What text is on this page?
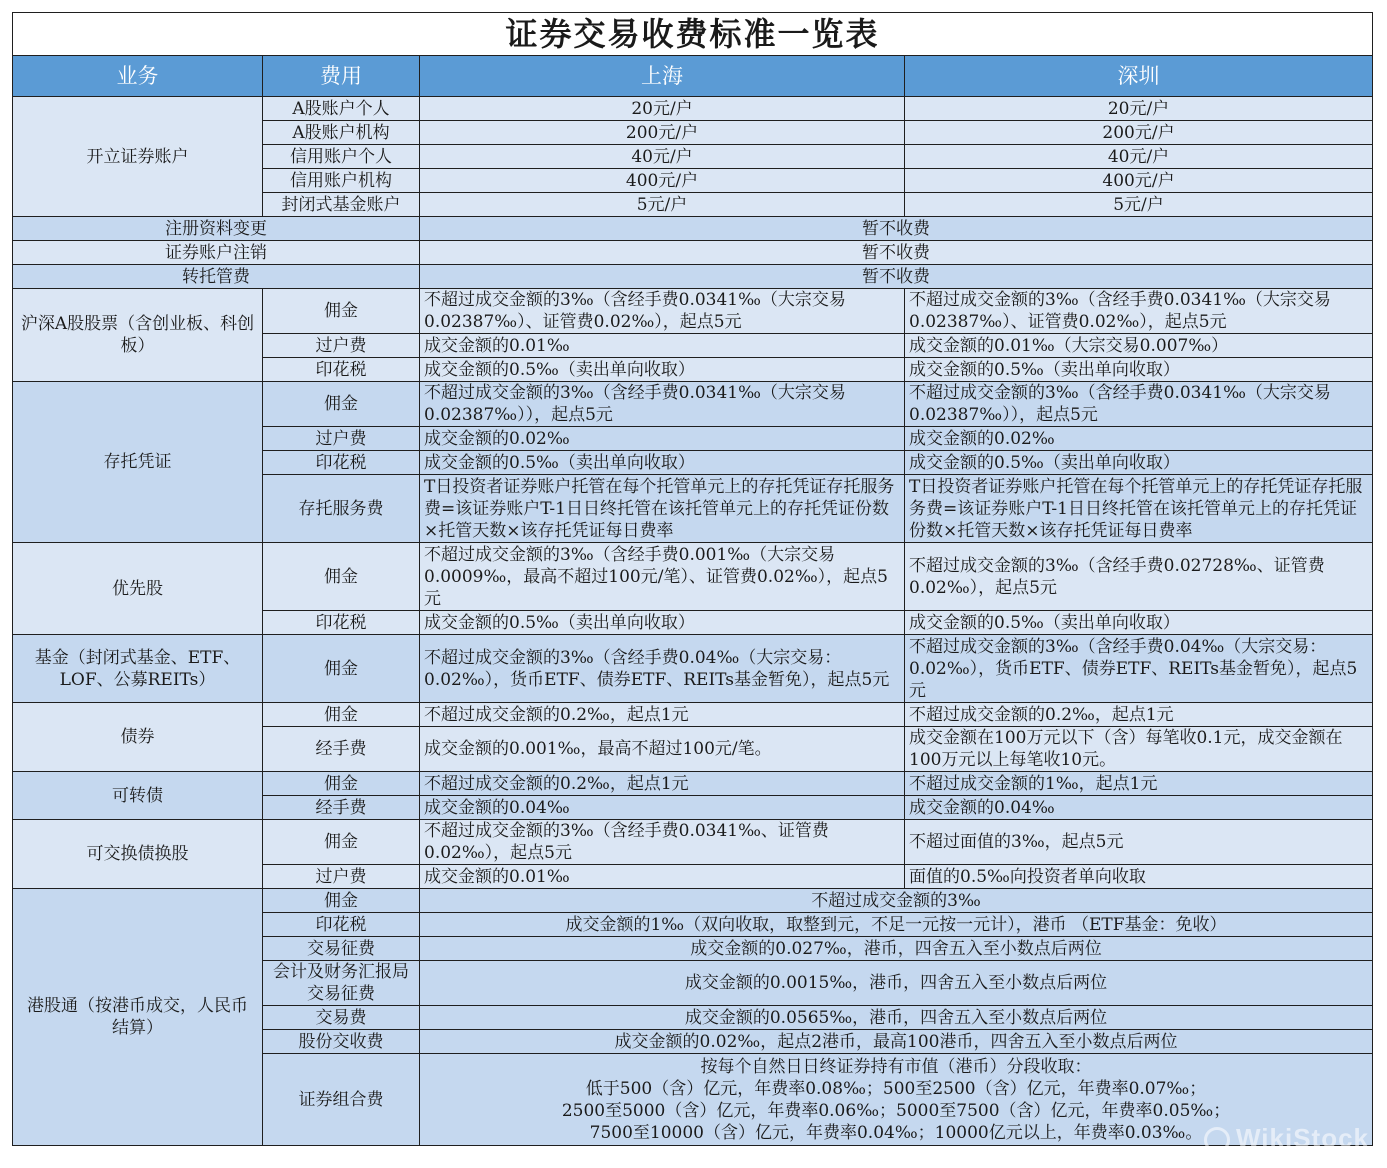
证券交易收费标准一览表			
业务	费用	上海	深圳
开立证券账户	A股账户个人	20元/户	20元/户
	A股账户机构	200元/户	200元/户
	信用账户个人	40元/户	40元/户
	信用账户机构	400元/户	400元/户
	封闭式基金账户	5元/户	5元/户
注册资料变更		暂不收费	
证券账户注销		暂不收费	
转托管费		暂不收费	
沪深A股股票（含创业板、科创板）	佣金	不超过成交金额的3‰（含经手费0.0341‰（大宗交易0.02387‰）、证管费0.02‰），起点5元	不超过成交金额的3‰（含经手费0.0341‰（大宗交易0.02387‰）、证管费0.02‰），起点5元
	过户费	成交金额的0.01‰	成交金额的0.01‰（大宗交易0.007‰）
	印花税	成交金额的0.5‰（卖出单向收取）	成交金额的0.5‰（卖出单向收取）
存托凭证	佣金	不超过成交金额的3‰（含经手费0.0341‰（大宗交易0.02387‰）），起点5元	不超过成交金额的3‰（含经手费0.0341‰（大宗交易0.02387‰）），起点5元
	过户费	成交金额的0.02‰	成交金额的0.02‰
	印花税	成交金额的0.5‰（卖出单向收取）	成交金额的0.5‰（卖出单向收取）
	存托服务费	T日投资者证券账户托管在每个托管单元上的存托凭证存托服务费=该证券账户T-1日日终托管在该托管单元上的存托凭证份数×托管天数×该存托凭证每日费率	T日投资者证券账户托管在每个托管单元上的存托凭证存托服务费=该证券账户T-1日日终托管在该托管单元上的存托凭证份数×托管天数×该存托凭证每日费率
优先股	佣金	不超过成交金额的3‰（含经手费0.001‰（大宗交易0.0009‰，最高不超过100元/笔）、证管费0.02‰），起点5元	不超过成交金额的3‰（含经手费0.02728‰、证管费0.02‰），起点5元
	印花税	成交金额的0.5‰（卖出单向收取）	成交金额的0.5‰（卖出单向收取）
基金（封闭式基金、ETF、LOF、公募REITs）	佣金	不超过成交金额的3‰（含经手费0.04‰（大宗交易：0.02‰），货币ETF、债券ETF、REITs基金暂免），起点5元	不超过成交金额的3‰（含经手费0.04‰（大宗交易：0.02‰），货币ETF、债券ETF、REITs基金暂免），起点5元
债券	佣金	不超过成交金额的0.2‰，起点1元	不超过成交金额的0.2‰，起点1元
	经手费	成交金额的0.001‰，最高不超过100元/笔。	成交金额在100万元以下（含）每笔收0.1元，成交金额在100万元以上每笔收10元。
可转债	佣金	不超过成交金额的0.2‰，起点1元	不超过成交金额的1‰，起点1元
	经手费	成交金额的0.04‰	成交金额的0.04‰
可交换债换股	佣金	不超过成交金额的3‰（含经手费0.0341‰、证管费0.02‰），起点5元	不超过面值的3‰，起点5元
	过户费	成交金额的0.01‰	面值的0.5‰向投资者单向收取
港股通（按港币成交，人民币结算）	佣金	不超过成交金额的3‰	
	印花税	成交金额的1‰（双向收取，取整到元，不足一元按一元计），港币 （ETF基金：免收）	
	交易征费	成交金额的0.027‰，港币，四舍五入至小数点后两位	
	会计及财务汇报局交易征费	成交金额的0.0015‰，港币，四舍五入至小数点后两位	
	交易费	成交金额的0.0565‰，港币，四舍五入至小数点后两位	
	股份交收费	成交金额的0.02‰，起点2港币，最高100港币，四舍五入至小数点后两位	
	证券组合费	按每个自然日日终证券持有市值（港币）分段收取：
低于500（含）亿元，年费率0.08‰；500至2500（含）亿元，年费率0.07‰；
2500至5000（含）亿元，年费率0.06‰；5000至7500（含）亿元，年费率0.05‰；
7500至10000（含）亿元，年费率0.04‰；10000亿元以上，年费率0.03‰。		WikiStock
